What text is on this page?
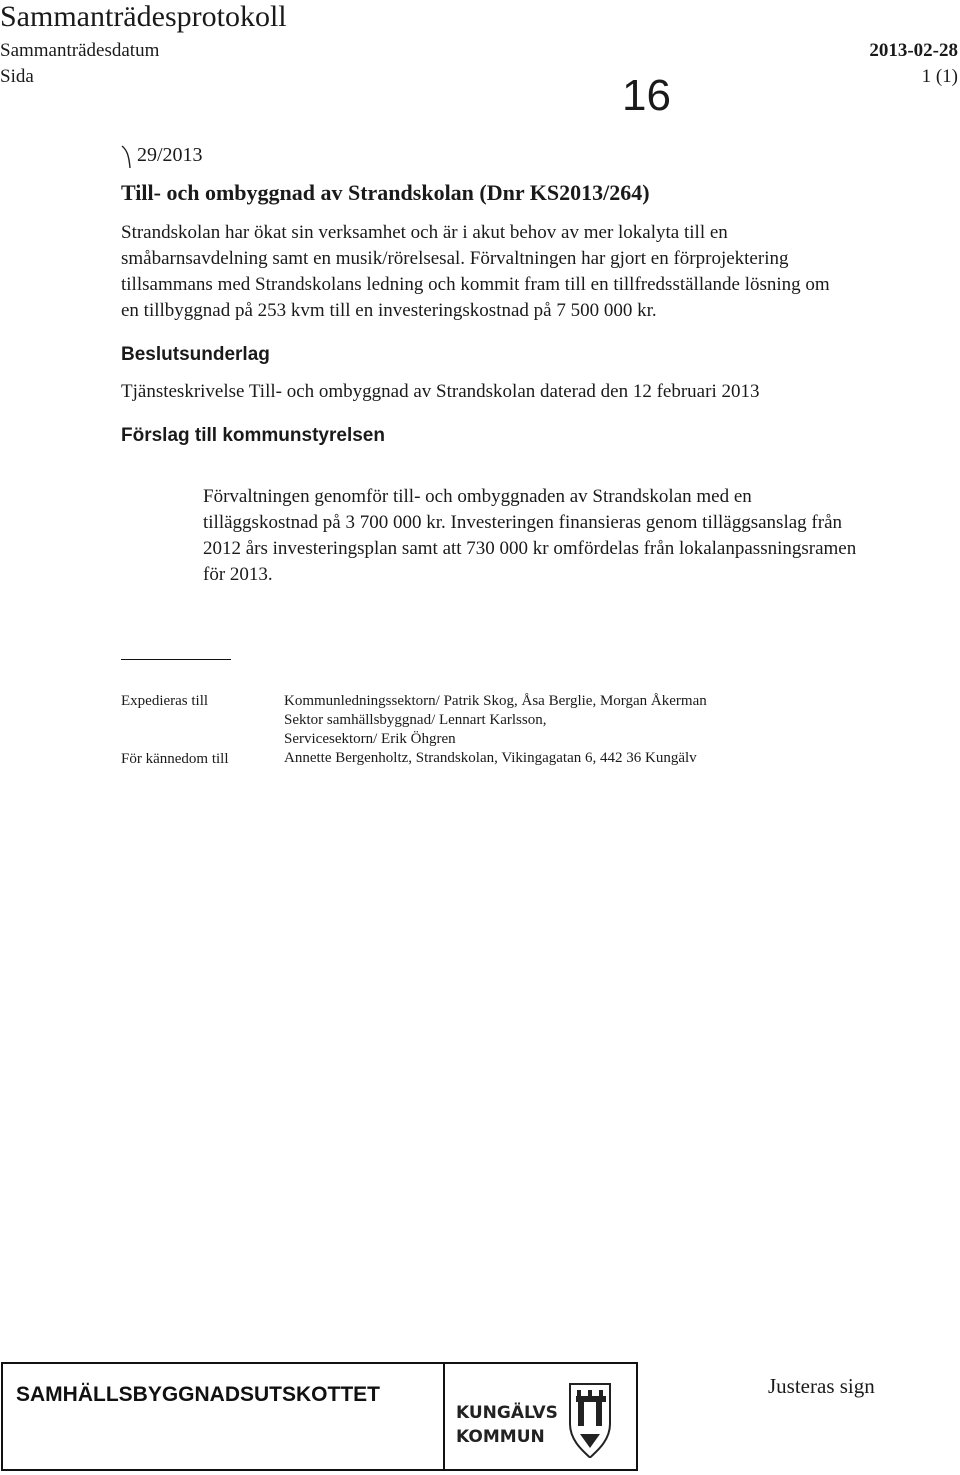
Sammanträdesprotokoll
Sammanträdesdatum	2013-02-28
Sida	1 (1)
16
29/2013
Till- och ombyggnad av Strandskolan (Dnr KS2013/264)
Strandskolan har ökat sin verksamhet och är i akut behov av mer lokalyta till en
småbarnsavdelning samt en musik/rörelsesal. Förvaltningen har gjort en förprojektering
tillsammans med Strandskolans ledning och kommit fram till en tillfredsställande lösning om
en tillbyggnad på 253 kvm till en investeringskostnad på 7 500 000 kr.
Beslutsunderlag
Tjänsteskrivelse Till- och ombyggnad av Strandskolan daterad den 12 februari 2013
Förslag till kommunstyrelsen
Förvaltningen genomför till- och ombyggnaden av Strandskolan med en
tilläggskostnad på 3 700 000 kr. Investeringen finansieras genom tilläggsanslag från
2012 års investeringsplan samt att 730 000 kr omfördelas från lokalanpassningsramen
för 2013.
Expedieras till
För kännedom till
Kommunledningssektorn/ Patrik Skog, Åsa Berglie, Morgan Åkerman
Sektor samhällsbyggnad/ Lennart Karlsson,
Servicesektorn/ Erik Öhgren
Annette Bergenholtz, Strandskolan, Vikingagatan 6, 442 36 Kungälv
SAMHÄLLSBYGGNADSUTSKOTTET
KUNGÄLVS
KOMMUN
Justeras sign
